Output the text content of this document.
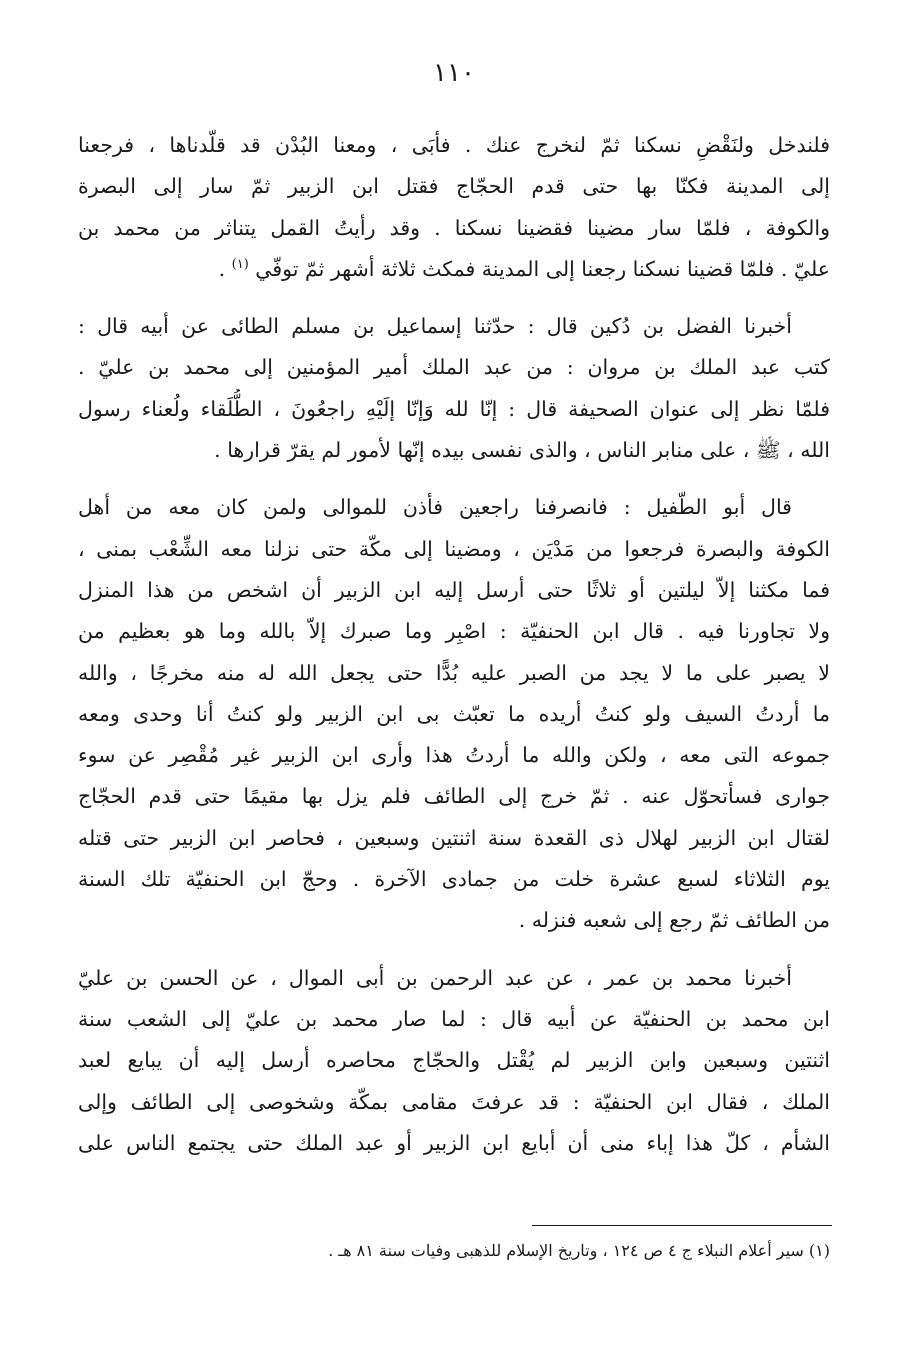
١١٠
فلندخل ولنَقْضِ نسكنا ثمّ لنخرج عنك . فأبَى ، ومعنا البُدْن قد قلّدناها ، فرجعنا
إلى المدينة فكنّا بها حتى قدم الحجّاج فقتل ابن الزبير ثمّ سار إلى البصرة
والكوفة ، فلمّا سار مضينا فقضينا نسكنا . وقد رأيتُ القمل يتناثر من محمد بن
عليّ . فلمّا قضينا نسكنا رجعنا إلى المدينة فمكث ثلاثة أشهر ثمّ توفّي $^{(١)}$ .
أخبرنا الفضل بن دُكين قال : حدّثنا إسماعيل بن مسلم الطائى عن أبيه قال :
كتب عبد الملك بن مروان : من عبد الملك أمير المؤمنين إلى محمد بن عليّ .
فلمّا نظر إلى عنوان الصحيفة قال : إنّا لله وَإنّا إلَيْهِ راجعُونَ ، الطُّلَقاء ولُعناء رسول
الله ، ﷺ ، على منابر الناس ، والذى نفسى بيده إنّها لأمور لم يقرّ قرارها .
قال أبو الطّفيل : فانصرفنا راجعين فأذن للموالى ولمن كان معه من أهل
الكوفة والبصرة فرجعوا من مَدْيَن ، ومضينا إلى مكّة حتى نزلنا معه الشِّعْب بمنى ،
فما مكثنا إلاّ ليلتين أو ثلاثًا حتى أرسل إليه ابن الزبير أن اشخص من هذا المنزل
ولا تجاورنا فيه . قال ابن الحنفيّة : اصْبِر وما صبرك إلاّ بالله وما هو بعظيم من
لا يصبر على ما لا يجد من الصبر عليه بُدًّا حتى يجعل الله له منه مخرجًا ، والله
ما أردتُ السيف ولو كنتُ أريده ما تعبّث بى ابن الزبير ولو كنتُ أنا وحدى ومعه
جموعه التى معه ، ولكن والله ما أردتُ هذا وأرى ابن الزبير غير مُقْصِر عن سوء
جوارى فسأتحوّل عنه . ثمّ خرج إلى الطائف فلم يزل بها مقيمًا حتى قدم الحجّاج
لقتال ابن الزبير لهلال ذى القعدة سنة اثنتين وسبعين ، فحاصر ابن الزبير حتى قتله
يوم الثلاثاء لسبع عشرة خلت من جمادى الآخرة . وحجّ ابن الحنفيّة تلك السنة
من الطائف ثمّ رجع إلى شعبه فنزله .
أخبرنا محمد بن عمر ، عن عبد الرحمن بن أبى الموال ، عن الحسن بن عليّ
ابن محمد بن الحنفيّة عن أبيه قال : لما صار محمد بن عليّ إلى الشعب سنة
اثنتين وسبعين وابن الزبير لم يُقْتل والحجّاج محاصره أرسل إليه أن يبايع لعبد
الملك ، فقال ابن الحنفيّة : قد عرفتَ مقامى بمكّة وشخوصى إلى الطائف وإلى
الشأم ، كلّ هذا إباء منى أن أبايع ابن الزبير أو عبد الملك حتى يجتمع الناس على
(١) سير أعلام النبلاء ج ٤ ص ١٢٤ ، وتاريخ الإسلام للذهبى وفيات سنة ٨١ هـ .
